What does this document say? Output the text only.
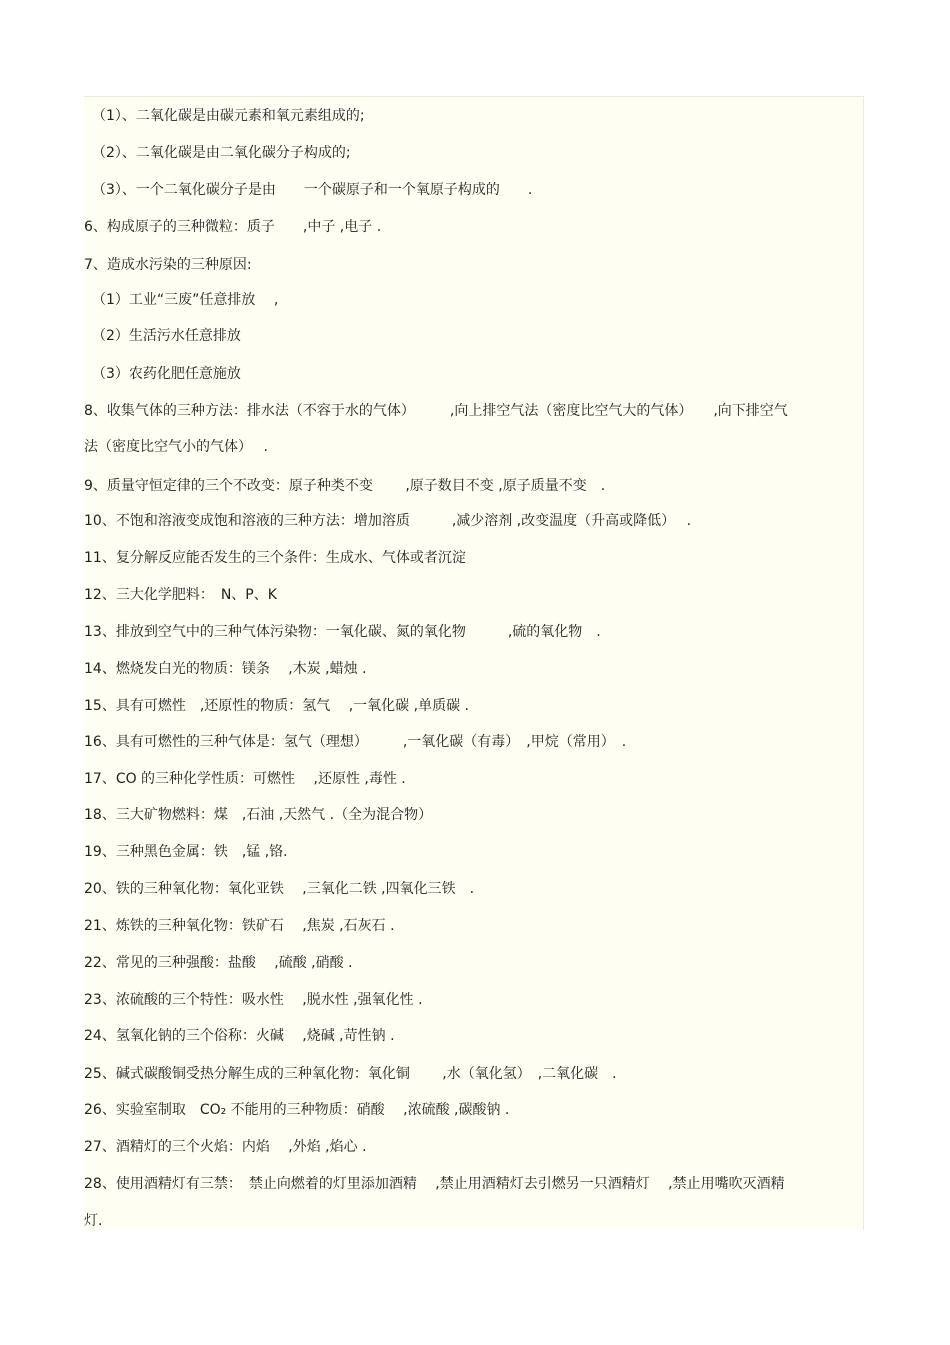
（1）、二氧化碳是由碳元素和氧元素组成的;
（2）、二氧化碳是由二氧化碳分子构成的;
（3）、一个二氧化碳分子是由　　一个碳原子和一个氧原子构成的　　.
6、构成原子的三种微粒：质子　　,中子 ,电子 .
7、造成水污染的三种原因:
（1）工业“三废”任意排放　 ,
（2）生活污水任意排放
（3）农药化肥任意施放
8、收集气体的三种方法：排水法（不容于水的气体）　　　,向上排空气法（密度比空气大的气体）　　,向下排空气
法（密度比空气小的气体）　 .
9、质量守恒定律的三个不改变：原子种类不变　　 ,原子数目不变 ,原子质量不变　.
10、不饱和溶液变成饱和溶液的三种方法：增加溶质　　　,减少溶剂 ,改变温度（升高或降低）　 .
11、复分解反应能否发生的三个条件：生成水、气体或者沉淀
12、三大化学肥料：　N、P、K
13、排放到空气中的三种气体污染物：一氧化碳、氮的氧化物　　　,硫的氧化物　.
14、燃烧发白光的物质：镁条　 ,木炭 ,蜡烛 .
15、具有可燃性　,还原性的物质：氢气　 ,一氧化碳 ,单质碳 .
16、具有可燃性的三种气体是：氢气（理想）　　　,一氧化碳（有毒）　,甲烷（常用）　.
17、CO 的三种化学性质：可燃性　 ,还原性 ,毒性 .
18、三大矿物燃料：煤　,石油 ,天然气 .（全为混合物）
19、三种黑色金属：铁　,锰 ,铬.
20、铁的三种氧化物：氧化亚铁　 ,三氧化二铁 ,四氧化三铁　.
21、炼铁的三种氧化物：铁矿石　 ,焦炭 ,石灰石 .
22、常见的三种强酸：盐酸　 ,硫酸 ,硝酸 .
23、浓硫酸的三个特性：吸水性　 ,脱水性 ,强氧化性 .
24、氢氧化钠的三个俗称：火碱　 ,烧碱 ,苛性钠 .
25、碱式碳酸铜受热分解生成的三种氧化物：氧化铜　　 ,水（氧化氢）　,二氧化碳　.
26、实验室制取　CO₂ 不能用的三种物质：硝酸　 ,浓硫酸 ,碳酸钠 .
27、酒精灯的三个火焰：内焰　 ,外焰 ,焰心 .
28、使用酒精灯有三禁：　禁止向燃着的灯里添加酒精　 ,禁止用酒精灯去引燃另一只酒精灯　 ,禁止用嘴吹灭酒精
灯.
